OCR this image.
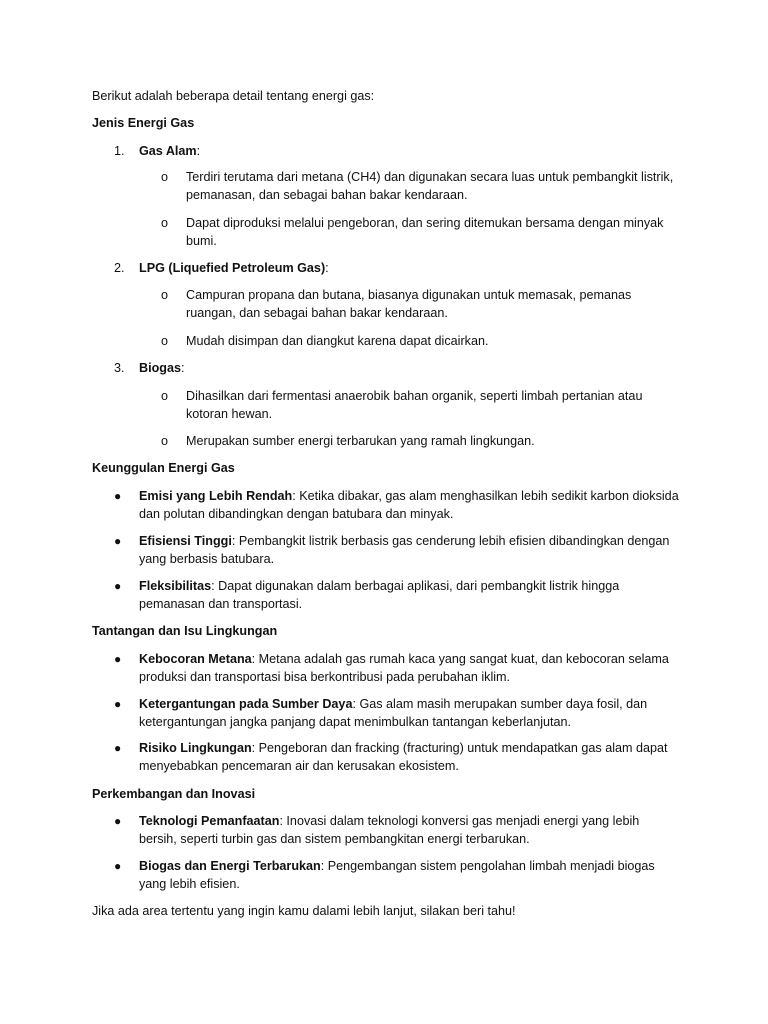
Berikut adalah beberapa detail tentang energi gas:
Jenis Energi Gas
1. Gas Alam:
o Terdiri terutama dari metana (CH4) dan digunakan secara luas untuk pembangkit listrik, pemanasan, dan sebagai bahan bakar kendaraan.
o Dapat diproduksi melalui pengeboran, dan sering ditemukan bersama dengan minyak bumi.
2. LPG (Liquefied Petroleum Gas):
o Campuran propana dan butana, biasanya digunakan untuk memasak, pemanas ruangan, dan sebagai bahan bakar kendaraan.
o Mudah disimpan dan diangkut karena dapat dicairkan.
3. Biogas:
o Dihasilkan dari fermentasi anaerobik bahan organik, seperti limbah pertanian atau kotoran hewan.
o Merupakan sumber energi terbarukan yang ramah lingkungan.
Keunggulan Energi Gas
● Emisi yang Lebih Rendah: Ketika dibakar, gas alam menghasilkan lebih sedikit karbon dioksida dan polutan dibandingkan dengan batubara dan minyak.
● Efisiensi Tinggi: Pembangkit listrik berbasis gas cenderung lebih efisien dibandingkan dengan yang berbasis batubara.
● Fleksibilitas: Dapat digunakan dalam berbagai aplikasi, dari pembangkit listrik hingga pemanasan dan transportasi.
Tantangan dan Isu Lingkungan
● Kebocoran Metana: Metana adalah gas rumah kaca yang sangat kuat, dan kebocoran selama produksi dan transportasi bisa berkontribusi pada perubahan iklim.
● Ketergantungan pada Sumber Daya: Gas alam masih merupakan sumber daya fosil, dan ketergantungan jangka panjang dapat menimbulkan tantangan keberlanjutan.
● Risiko Lingkungan: Pengeboran dan fracking (fracturing) untuk mendapatkan gas alam dapat menyebabkan pencemaran air dan kerusakan ekosistem.
Perkembangan dan Inovasi
● Teknologi Pemanfaatan: Inovasi dalam teknologi konversi gas menjadi energi yang lebih bersih, seperti turbin gas dan sistem pembangkitan energi terbarukan.
● Biogas dan Energi Terbarukan: Pengembangan sistem pengolahan limbah menjadi biogas yang lebih efisien.
Jika ada area tertentu yang ingin kamu dalami lebih lanjut, silakan beri tahu!
